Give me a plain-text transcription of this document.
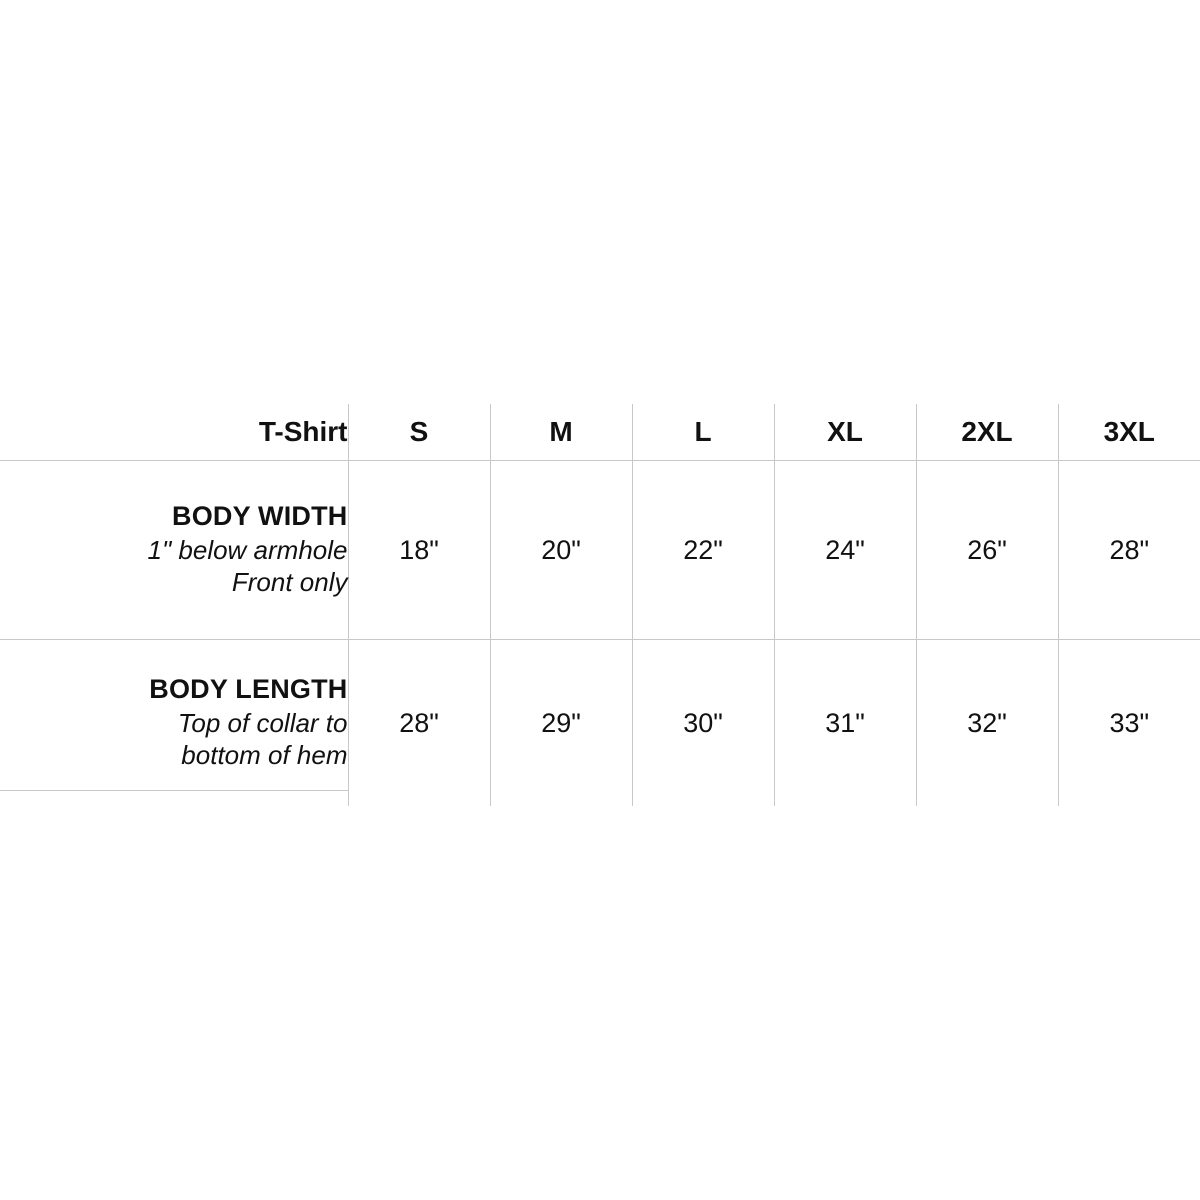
T-Shirt	S	M	L	XL	2XL	3XL

BODY WIDTH
1" below armhole
Front only	18"	20"	22"	24"	26"	28"

BODY LENGTH
Top of collar to
bottom of hem	28"	29"	30"	31"	32"	33"
